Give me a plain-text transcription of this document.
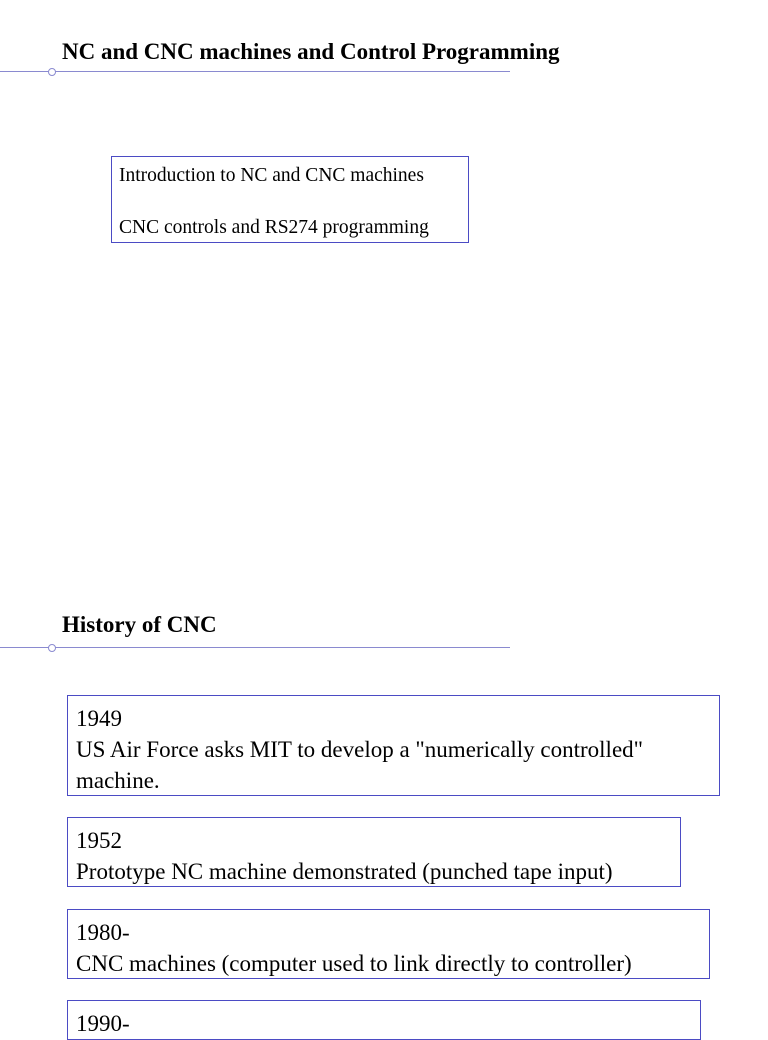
NC and CNC machines and Control Programming
Introduction to NC and CNC machines
CNC controls and RS274 programming
History of CNC
1949
US Air Force asks MIT to develop a "numerically controlled" machine.
1952
Prototype NC machine demonstrated (punched tape input)
1980-
CNC machines (computer used to link directly to controller)
1990-
